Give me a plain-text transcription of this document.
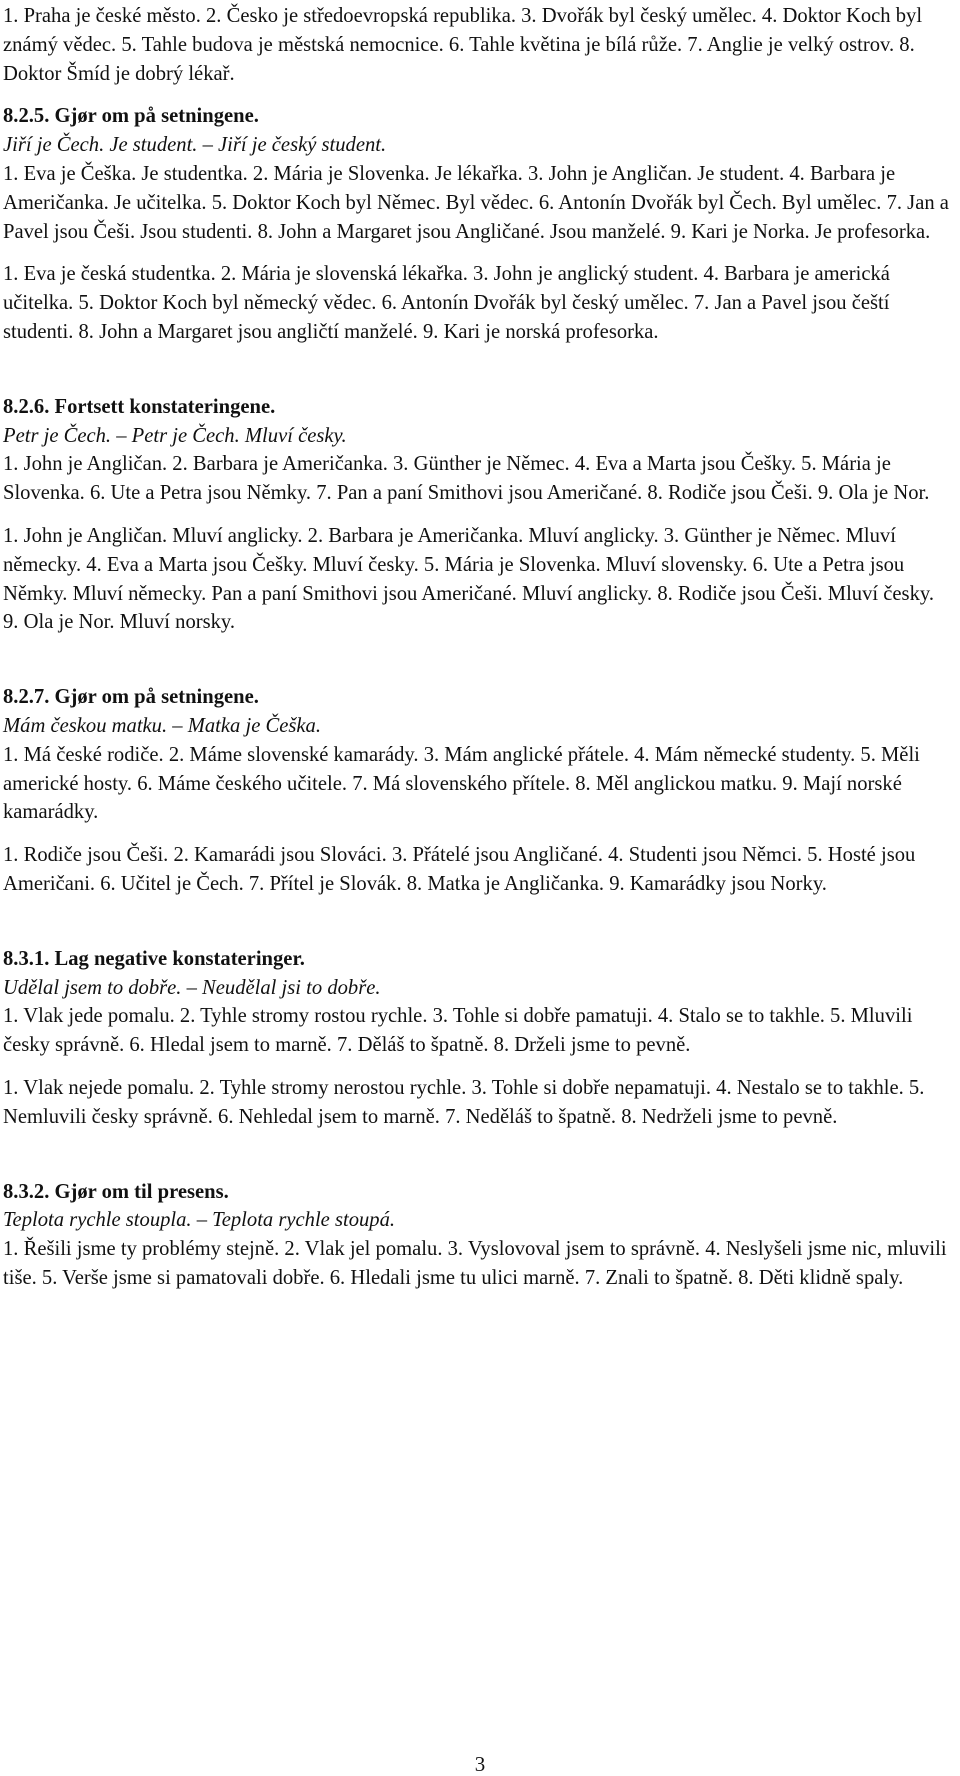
1. Praha je české město. 2. Česko je středoevropská republika. 3. Dvořák byl český umělec. 4. Doktor Koch byl známý vědec. 5. Tahle budova je městská nemocnice. 6. Tahle květina je bílá růže. 7. Anglie je velký ostrov. 8. Doktor Šmíd je dobrý lékař.

8.2.5. Gjør om på setningene.

Jiří je Čech. Je student. – Jiří je český student.

1. Eva je Češka. Je studentka. 2. Mária je Slovenka. Je lékařka. 3. John je Angličan. Je student. 4. Barbara je Američanka. Je učitelka. 5. Doktor Koch byl Němec. Byl vědec. 6. Antonín Dvořák byl Čech. Byl umělec. 7. Jan a Pavel jsou Češi. Jsou studenti. 8. John a Margaret jsou Angličané. Jsou manželé. 9. Kari je Norka. Je profesorka.

1. Eva je česká studentka. 2. Mária je slovenská lékařka. 3. John je anglický student. 4. Barbara je americká učitelka. 5. Doktor Koch byl německý vědec. 6. Antonín Dvořák byl český umělec. 7. Jan a Pavel jsou čeští studenti. 8. John a Margaret jsou angličtí manželé. 9. Kari je norská profesorka.

8.2.6. Fortsett konstateringene.

Petr je Čech. – Petr je Čech. Mluví česky.

1. John je Angličan. 2. Barbara je Američanka. 3. Günther je Němec. 4. Eva a Marta jsou Češky. 5. Mária je Slovenka. 6. Ute a Petra jsou Němky. 7. Pan a paní Smithovi jsou Američané. 8. Rodiče jsou Češi. 9. Ola je Nor.

1. John je Angličan. Mluví anglicky. 2. Barbara je Američanka. Mluví anglicky. 3. Günther je Němec. Mluví německy. 4. Eva a Marta jsou Češky. Mluví česky. 5. Mária je Slovenka. Mluví slovensky. 6. Ute a Petra jsou Němky. Mluví německy. Pan a paní Smithovi jsou Američané. Mluví anglicky. 8. Rodiče jsou Češi. Mluví česky. 9. Ola je Nor. Mluví norsky.

8.2.7. Gjør om på setningene.

Mám českou matku. – Matka je Češka.

1. Má české rodiče. 2. Máme slovenské kamarády. 3. Mám anglické přátele. 4. Mám německé studenty. 5. Měli americké hosty. 6. Máme českého učitele. 7. Má slovenského přítele. 8. Měl anglickou matku. 9. Mají norské kamarádky.

1. Rodiče jsou Češi. 2. Kamarádi jsou Slováci. 3. Přátelé jsou Angličané. 4. Studenti jsou Němci. 5. Hosté jsou Američani. 6. Učitel je Čech. 7. Přítel je Slovák. 8. Matka je Angličanka. 9. Kamarádky jsou Norky.

8.3.1. Lag negative konstateringer.

Udělal jsem to dobře. – Neudělal jsi to dobře.

1. Vlak jede pomalu. 2. Tyhle stromy rostou rychle. 3. Tohle si dobře pamatuji. 4. Stalo se to takhle. 5. Mluvili česky správně. 6. Hledal jsem to marně. 7. Děláš to špatně. 8. Drželi jsme to pevně.

1. Vlak nejede pomalu. 2. Tyhle stromy nerostou rychle. 3. Tohle si dobře nepamatuji. 4. Nestalo se to takhle. 5. Nemluvili česky správně. 6. Nehledal jsem to marně. 7. Neděláš to špatně. 8. Nedrželi jsme to pevně.

8.3.2. Gjør om til presens.

Teplota rychle stoupla. – Teplota rychle stoupá.

1. Řešili jsme ty problémy stejně. 2. Vlak jel pomalu. 3. Vyslovoval jsem to správně. 4. Neslyšeli jsme nic, mluvili tiše. 5. Verše jsme si pamatovali dobře. 6. Hledali jsme tu ulici marně. 7. Znali to špatně. 8. Děti klidně spaly.

3
